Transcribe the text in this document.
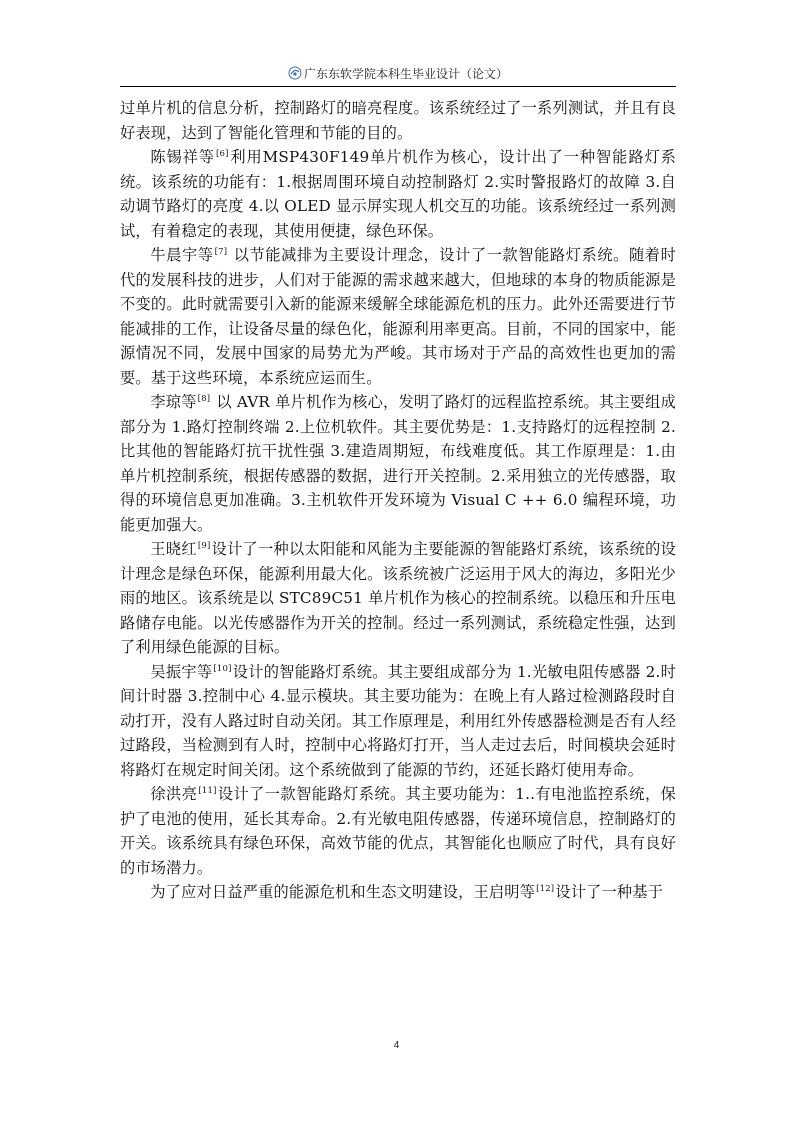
广东东软学院本科生毕业设计（论文）

过单片机的信息分析，控制路灯的暗亮程度。该系统经过了一系列测试，并且有良好表现，达到了智能化管理和节能的目的。

陈锡祥等[6]利用MSP430F149单片机作为核心，设计出了一种智能路灯系统。该系统的功能有：1.根据周围环境自动控制路灯 2.实时警报路灯的故障 3.自动调节路灯的亮度 4.以 OLED 显示屏实现人机交互的功能。该系统经过一系列测试，有着稳定的表现，其使用便捷，绿色环保。

牛晨宇等[7] 以节能减排为主要设计理念，设计了一款智能路灯系统。随着时代的发展科技的进步，人们对于能源的需求越来越大，但地球的本身的物质能源是不变的。此时就需要引入新的能源来缓解全球能源危机的压力。此外还需要进行节能减排的工作，让设备尽量的绿色化，能源利用率更高。目前，不同的国家中，能源情况不同，发展中国家的局势尤为严峻。其市场对于产品的高效性也更加的需要。基于这些环境，本系统应运而生。

李琼等[8] 以 AVR 单片机作为核心，发明了路灯的远程监控系统。其主要组成部分为 1.路灯控制终端 2.上位机软件。其主要优势是：1.支持路灯的远程控制 2.比其他的智能路灯抗干扰性强 3.建造周期短，布线难度低。其工作原理是：1.由单片机控制系统，根据传感器的数据，进行开关控制。2.采用独立的光传感器，取得的环境信息更加准确。3.主机软件开发环境为 Visual C ++ 6.0 编程环境，功能更加强大。

王晓红[9]设计了一种以太阳能和风能为主要能源的智能路灯系统，该系统的设计理念是绿色环保，能源利用最大化。该系统被广泛运用于风大的海边，多阳光少雨的地区。该系统是以 STC89C51 单片机作为核心的控制系统。以稳压和升压电路储存电能。以光传感器作为开关的控制。经过一系列测试，系统稳定性强，达到了利用绿色能源的目标。

吴振宇等[10]设计的智能路灯系统。其主要组成部分为 1.光敏电阻传感器 2.时间计时器 3.控制中心 4.显示模块。其主要功能为：在晚上有人路过检测路段时自动打开，没有人路过时自动关闭。其工作原理是，利用红外传感器检测是否有人经过路段，当检测到有人时，控制中心将路灯打开，当人走过去后，时间模块会延时将路灯在规定时间关闭。这个系统做到了能源的节约，还延长路灯使用寿命。

徐洪亮[11]设计了一款智能路灯系统。其主要功能为：1..有电池监控系统，保护了电池的使用，延长其寿命。2.有光敏电阻传感器，传递环境信息，控制路灯的开关。该系统具有绿色环保，高效节能的优点，其智能化也顺应了时代，具有良好的市场潜力。

为了应对日益严重的能源危机和生态文明建设，王启明等[12]设计了一种基于

4
